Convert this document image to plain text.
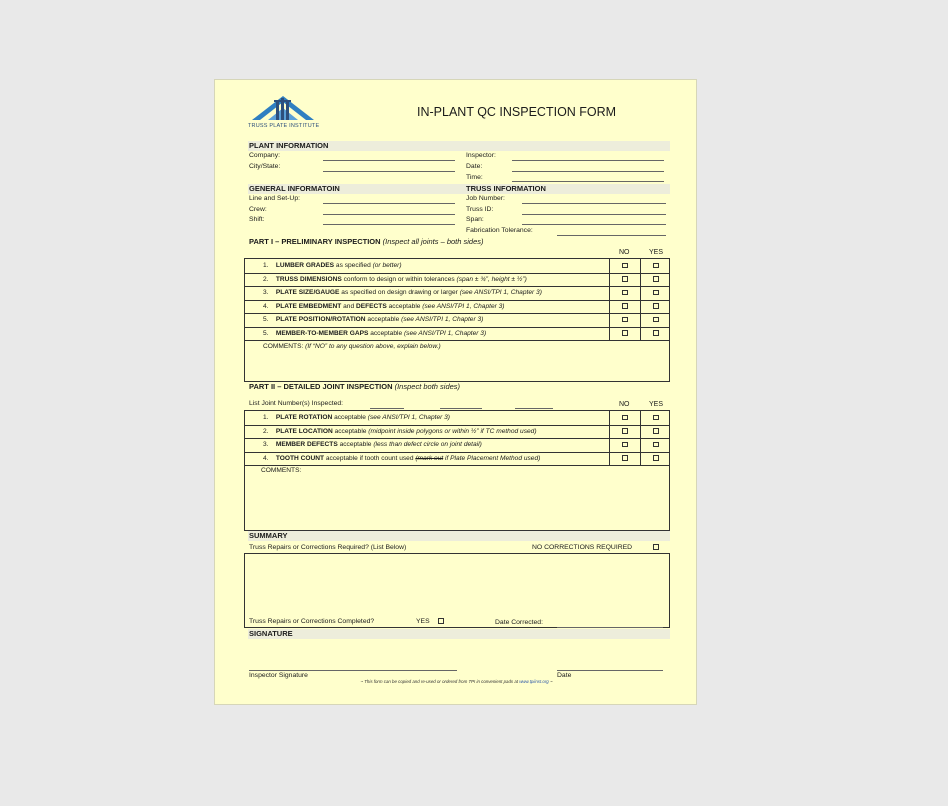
TRUSS PLATE INSTITUTE
IN-PLANT QC INSPECTION FORM
PLANT INFORMATION
Company:
City/State:
Inspector:
Date:
Time:
GENERAL INFORMATOIN	TRUSS INFORMATION
Line and Set-Up:
Crew:
Shift:
Job Number:
Truss ID:
Span:
Fabrication Tolerance:
PART I – PRELIMINARY INSPECTION (Inspect all joints – both sides)
NO	YES
1. LUMBER GRADES as specified (or better)
2. TRUSS DIMENSIONS conform to design or within tolerances (span ± ¾”, height ± ½”)
3. PLATE SIZE/GAUGE as specified on design drawing or larger (see ANSI/TPI 1, Chapter 3)
4. PLATE EMBEDMENT and DEFECTS acceptable (see ANSI/TPI 1, Chapter 3)
5. PLATE POSITION/ROTATION acceptable (see ANSI/TPI 1, Chapter 3)
5. MEMBER-TO-MEMBER GAPS acceptable (see ANSI/TPI 1, Chapter 3)
COMMENTS: (If “NO” to any question above, explain below.)
PART II – DETAILED JOINT INSPECTION (Inspect both sides)
List Joint Number(s) Inspected:	NO	YES
1. PLATE ROTATION acceptable (see ANSI/TPI 1, Chapter 3)
2. PLATE LOCATION acceptable (midpoint inside polygons or within ½” if TC method used)
3. MEMBER DEFECTS acceptable (less than defect circle on joint detail)
4. TOOTH COUNT acceptable if tooth count used (mark out if Plate Placement Method used)
COMMENTS:
SUMMARY
Truss Repairs or Corrections Required? (List Below)	NO CORRECTIONS REQUIRED
Truss Repairs or Corrections Completed?	YES	Date Corrected:
SIGNATURE
Inspector Signature	Date
~ This form can be copied and re-used or ordered from TPI in convenient pads at www.tpiinst.org ~
